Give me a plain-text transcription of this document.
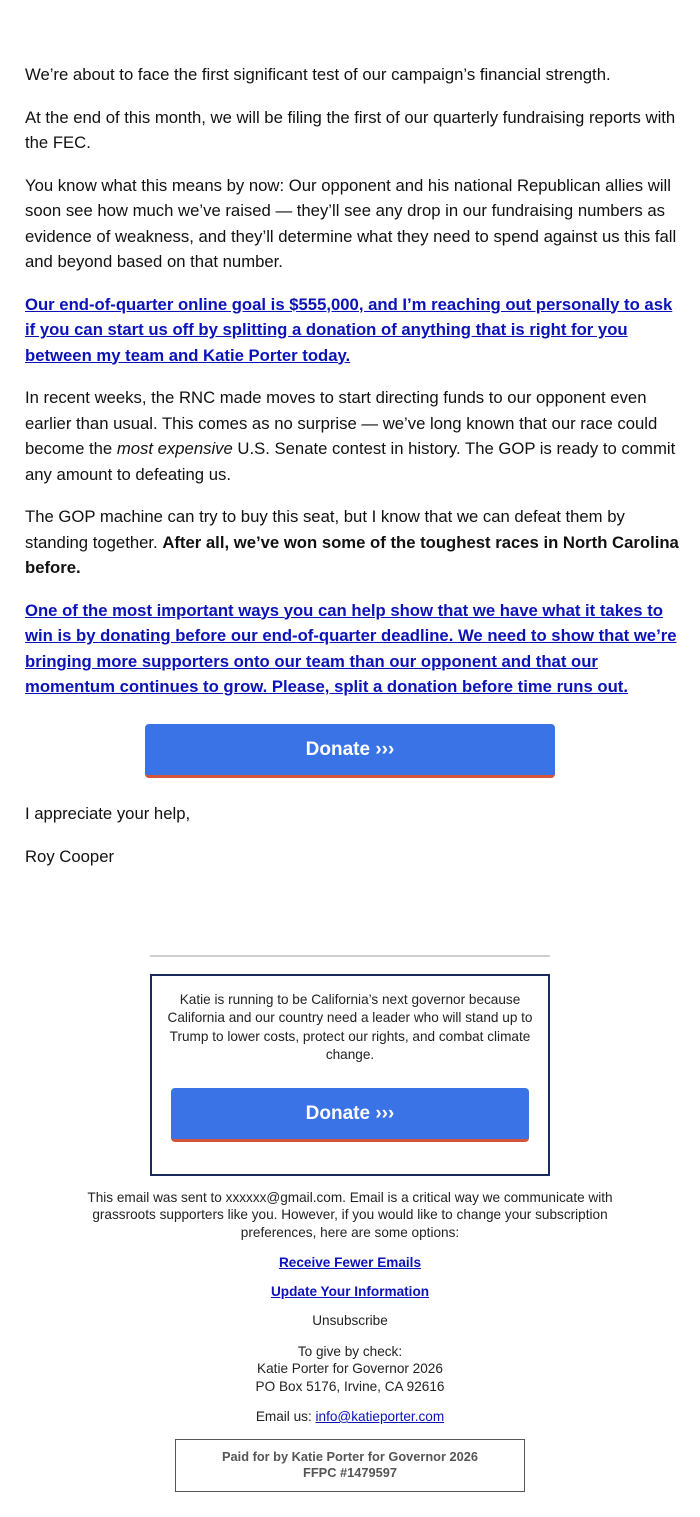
We’re about to face the first significant test of our campaign’s financial strength.

At the end of this month, we will be filing the first of our quarterly fundraising reports with the FEC.

You know what this means by now: Our opponent and his national Republican allies will soon see how much we’ve raised — they’ll see any drop in our fundraising numbers as evidence of weakness, and they’ll determine what they need to spend against us this fall and beyond based on that number.

Our end-of-quarter online goal is $555,000, and I’m reaching out personally to ask if you can start us off by splitting a donation of anything that is right for you between my team and Katie Porter today.

In recent weeks, the RNC made moves to start directing funds to our opponent even earlier than usual. This comes as no surprise — we’ve long known that our race could become the most expensive U.S. Senate contest in history. The GOP is ready to commit any amount to defeating us.

The GOP machine can try to buy this seat, but I know that we can defeat them by standing together. After all, we’ve won some of the toughest races in North Carolina before.

One of the most important ways you can help show that we have what it takes to win is by donating before our end-of-quarter deadline. We need to show that we’re bringing more supporters onto our team than our opponent and that our momentum continues to grow. Please, split a donation before time runs out.

Donate ›››
I appreciate your help,
Roy Cooper
Katie is running to be California’s next governor because California and our country need a leader who will stand up to Trump to lower costs, protect our rights, and combat climate change.
Donate ›››
This email was sent to xxxxxx@gmail.com. Email is a critical way we communicate with grassroots supporters like you. However, if you would like to change your subscription preferences, here are some options:
Receive Fewer Emails
Update Your Information
Unsubscribe
To give by check:
Katie Porter for Governor 2026
PO Box 5176, Irvine, CA 92616
Email us: info@katieporter.com
Paid for by Katie Porter for Governor 2026
FFPC #1479597
